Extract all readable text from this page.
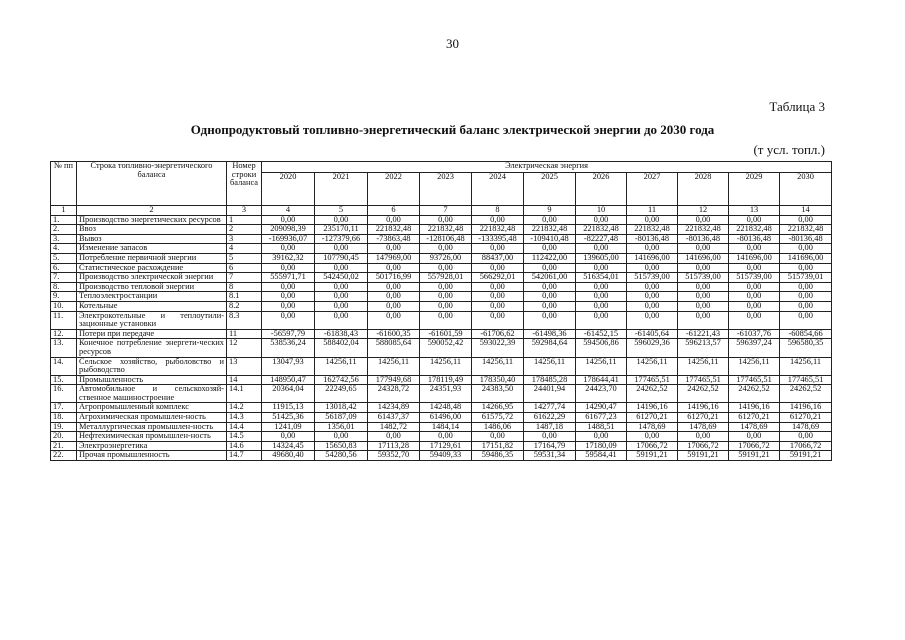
30
Таблица 3
Однопродуктовый топливно-энергетический баланс электрической энергии до 2030 года
(т усл. топл.)
№ пп	Строка топливно-энергетического баланса	Номер строки баланса	Электрическая энергия										
			2020	2021	2022	2023	2024	2025	2026	2027	2028	2029	2030
1	2	3	4	5	6	7	8	9	10	11	12	13	14
1.	Производство энергетических ресурсов	1	0,00	0,00	0,00	0,00	0,00	0,00	0,00	0,00	0,00	0,00	0,00
2.	Ввоз	2	209098,39	235170,11	221832,48	221832,48	221832,48	221832,48	221832,48	221832,48	221832,48	221832,48	221832,48
3.	Вывоз	3	-169936,07	-127379,66	-73863,48	-128106,48	-133395,48	-109410,48	-82227,48	-80136,48	-80136,48	-80136,48	-80136,48
4.	Изменение запасов	4	0,00	0,00	0,00	0,00	0,00	0,00	0,00	0,00	0,00	0,00	0,00
5.	Потребление первичной энергии	5	39162,32	107790,45	147969,00	93726,00	88437,00	112422,00	139605,00	141696,00	141696,00	141696,00	141696,00
6.	Статистическое расхождение	6	0,00	0,00	0,00	0,00	0,00	0,00	0,00	0,00	0,00	0,00	0,00
7.	Производство электрической энергии	7	555971,71	542450,02	501716,99	557928,01	566292,01	542061,00	516354,01	515739,00	515739,00	515739,00	515739,01
8.	Производство тепловой энергии	8	0,00	0,00	0,00	0,00	0,00	0,00	0,00	0,00	0,00	0,00	0,00
9.	Теплоэлектростанции	8.1	0,00	0,00	0,00	0,00	0,00	0,00	0,00	0,00	0,00	0,00	0,00
10.	Котельные	8.2	0,00	0,00	0,00	0,00	0,00	0,00	0,00	0,00	0,00	0,00	0,00
11.	Электрокотельные и теплоутили-зационные установки	8.3	0,00	0,00	0,00	0,00	0,00	0,00	0,00	0,00	0,00	0,00	0,00
12.	Потери при передаче	11	-56597,79	-61838,43	-61600,35	-61601,59	-61706,62	-61498,36	-61452,15	-61405,64	-61221,43	-61037,76	-60854,66
13.	Конечное потребление энергети-ческих ресурсов	12	538536,24	588402,04	588085,64	590052,42	593022,39	592984,64	594506,86	596029,36	596213,57	596397,24	596580,35
14.	Сельское хозяйство, рыболовство и рыбоводство	13	13047,93	14256,11	14256,11	14256,11	14256,11	14256,11	14256,11	14256,11	14256,11	14256,11	14256,11
15.	Промышленность	14	148950,47	162742,56	177949,68	178119,49	178350,40	178485,28	178644,41	177465,51	177465,51	177465,51	177465,51
16.	Автомобильное и сельскохозяй-ственное машиностроение	14.1	20364,04	22249,65	24328,72	24351,93	24383,50	24401,94	24423,70	24262,52	24262,52	24262,52	24262,52
17.	Агропромышленный комплекс	14.2	11915,13	13018,42	14234,89	14248,48	14266,95	14277,74	14290,47	14196,16	14196,16	14196,16	14196,16
18.	Агрохимическая промышлен-ность	14.3	51425,36	56187,09	61437,37	61496,00	61575,72	61622,29	61677,23	61270,21	61270,21	61270,21	61270,21
19.	Металлургическая промышлен-ность	14.4	1241,09	1356,01	1482,72	1484,14	1486,06	1487,18	1488,51	1478,69	1478,69	1478,69	1478,69
20.	Нефтехимическая промышлен-ность	14.5	0,00	0,00	0,00	0,00	0,00	0,00	0,00	0,00	0,00	0,00	0,00
21.	Электроэнергетика	14.6	14324,45	15650,83	17113,28	17129,61	17151,82	17164,79	17180,09	17066,72	17066,72	17066,72	17066,72
22.	Прочая промышленность	14.7	49680,40	54280,56	59352,70	59409,33	59486,35	59531,34	59584,41	59191,21	59191,21	59191,21	59191,21
